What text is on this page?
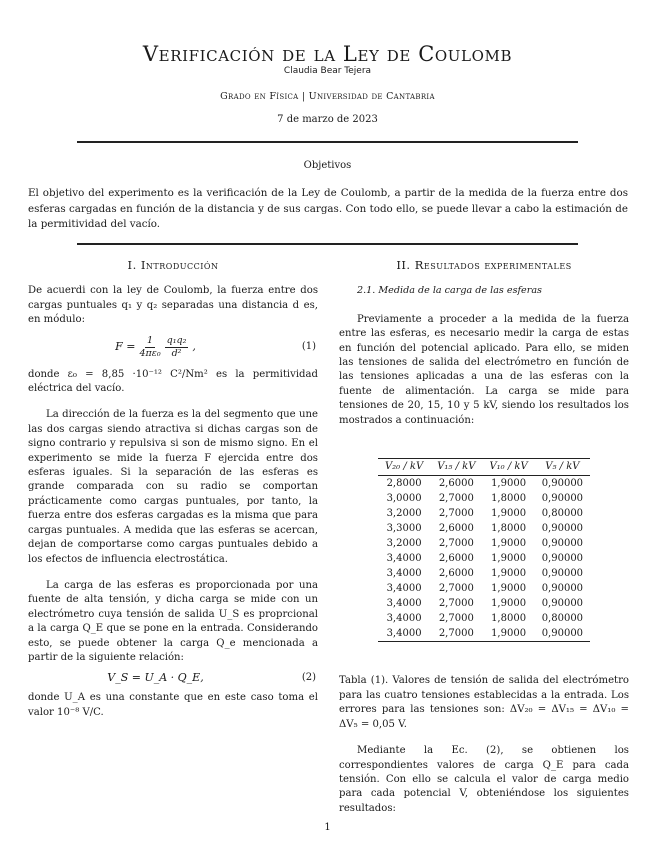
Verificación de la Ley de Coulomb
Claudia Bear Tejera
Grado en Física | Universidad de Cantabria
7 de marzo de 2023
Objetivos
El objetivo del experimento es la verificación de la Ley de Coulomb, a partir de la medida de la fuerza entre dos esferas cargadas en función de la distancia y de sus cargas. Con todo ello, se puede llevar a cabo la estimación de la permitividad del vacío.
I. Introducción

De acuerdi con la ley de Coulomb, la fuerza entre dos cargas puntuales q₁ y q₂ separadas una distancia d es, en módulo:

$F = \frac{1}{\text{4πε₀}} \frac{\text{q₁q₂}}{\text{d²}}$ ,	(1)

donde ε₀ = 8,85 ·10⁻¹² C²/Nm² es la permitividad eléctrica del vacío.

La dirección de la fuerza es la del segmento que une las dos cargas siendo atractiva si dichas cargas son de signo contrario y repulsiva si son de mismo signo. En el experimento se mide la fuerza F ejercida entre dos esferas iguales. Si la separación de las esferas es grande comparada con su radio se comportan prácticamente como cargas puntuales, por tanto, la fuerza entre dos esferas cargadas es la misma que para cargas puntuales. A medida que las esferas se acercan, dejan de comportarse como cargas puntuales debido a los efectos de influencia electrostática.

La carga de las esferas es proporcionada por una fuente de alta tensión, y dicha carga se mide con un electrómetro cuya tensión de salida U_S es proprcional a la carga Q_E que se pone en la entrada. Considerando esto, se puede obtener la carga Q_e mencionada a partir de la siguiente relación:

V_S = U_A · Q_E,	(2)

donde U_A es una constante que en este caso toma el valor 10⁻⁸ V/C.

II. Resultados experimentales
2.1. Medida de la carga de las esferas

Previamente a proceder a la medida de la fuerza entre las esferas, es necesario medir la carga de estas en función del potencial aplicado. Para ello, se miden las tensiones de salida del electrómetro en función de las tensiones aplicadas a una de las esferas con la fuente de alimentación. La carga se mide para tensiones de 20, 15, 10 y 5 kV, siendo los resultados los mostrados a continuación:

V₂₀ / kV	V₁₅ / kV	V₁₀ / kV	V₅ / kV
2,8000	2,6000	1,9000	0,90000
3,0000	2,7000	1,8000	0,90000
3,2000	2,7000	1,9000	0,80000
3,3000	2,6000	1,8000	0,90000
3,2000	2,7000	1,9000	0,90000
3,4000	2,6000	1,9000	0,90000
3,4000	2,6000	1,9000	0,90000
3,4000	2,7000	1,9000	0,90000
3,4000	2,7000	1,9000	0,90000
3,4000	2,7000	1,8000	0,80000
3,4000	2,7000	1,9000	0,90000

Tabla (1). Valores de tensión de salida del electrómetro para las cuatro tensiones establecidas a la entrada. Los errores para las tensiones son: ΔV₂₀ = ΔV₁₅ = ΔV₁₀ = ΔV₅ = 0,05 V.

Mediante la Ec. (2), se obtienen los correspondientes valores de carga Q_E para cada tensión. Con ello se calcula el valor de carga medio para cada potencial V, obteniéndose los siguientes resultados:

1
